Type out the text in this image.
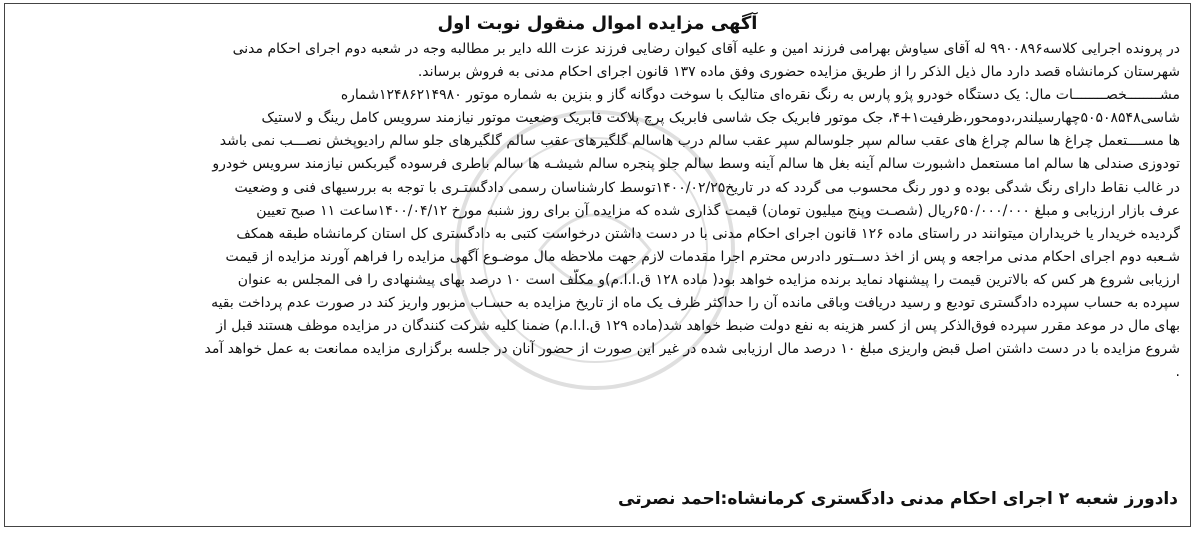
آگهی مزایده اموال منقول نوبت اول
در پرونده اجرایی کلاسه۹۹۰۰۸۹۶ له آقای سیاوش بهرامی فرزند امین و علیه آقای کیوان رضایی فرزند عزت الله دایر بر مطالبه وجه در شعبه دوم اجرای احکام مدنی
شهرستان کرمانشاه قصد دارد مال ذیل الذکر را از طریق مزایده حضوری وفق ماده ۱۳۷ قانون اجرای احکام مدنی به فروش برساند.
مشــــــــخصــــــــات مال: یک دستگاه خودرو پژو پارس به رنگ نقره‌ای متالیک با سوخت دوگانه گاز و بنزین به شماره موتور ۱۲۴۸۶۲۱۴۹۸۰شماره
شاسی۵۰۵۰۸۵۴۸چهارسیلندر،دومحور،ظرفیت۱+۴، جک موتور فابریک جک شاسی فابریک پرچ پلاکت فابریک وضعیت موتور نیازمند سرویس کامل رینگ و لاستیک
ها مســــتعمل چراغ ها سالم چراغ های عقب سالم سپر جلوسالم سپر عقب سالم درب هاسالم گلگیرهای عقب سالم گلگیرهای جلو سالم رادیوپخش نصـــب نمی باشد
تودوزی صندلی ها سالم اما مستعمل داشبورت سالم آینه بغل ها سالم آینه وسط سالم جلو پنجره سالم شیشـه ها سالم باطری فرسوده گیربکس نیازمند سرویس خودرو
در غالب نقاط دارای رنگ شدگی بوده و دور رنگ محسوب می گردد که در تاریخ۱۴۰۰/۰۲/۲۵توسط کارشناسان رسمی دادگستـری با توجه به بررسیهای فنی و وضعیت
عرف بازار ارزیابی و مبلغ ۶۵۰/۰۰۰/۰۰۰ریال (شصـت وپنج میلیون تومان) قیمت گذاری شده که مزایده آن برای روز شنبه مورخ ۱۴۰۰/۰۴/۱۲ساعت ۱۱ صبح تعیین
گردیده خریدار یا خریداران میتوانند در راستای ماده ۱۲۶ قانون اجرای احکام مدنی با در دست داشتن درخواست کتبی به دادگستری کل استان کرمانشاه طبقه همکف
شـعبه دوم اجرای احکام مدنی مراجعه و پس از اخذ دســتور دادرس محترم اجرا مقدمات لازم جهت ملاحظه مال موضـوع آگهی مزایده را فراهم آورند مزایده از قیمت
ارزیابی شروع هر کس که بالاترین قیمت را پیشنهاد نماید برنده مزایده خواهد بود( ماده ۱۲۸ ق.ا.ا.م)و مکلّف است ۱۰ درصد بهای پیشنهادی را فی المجلس به عنوان
سپرده به حساب سپرده دادگستری تودیع و رسید دریافت وباقی مانده آن را حداکثر ظرف یک ماه از تاریخ مزایده به حسـاب مزبور واریز کند در صورت عدم پرداخت بقیه
بهای مال در موعد مقرر سپرده فوق‌الذکر پس از کسر هزینه به نفع دولت ضبط خواهد شد(ماده ۱۲۹ ق.ا.ا.م) ضمنا کلیه شرکت کنندگان در مزایده موظف هستند قبل از
شروع مزایده با در دست داشتن اصل قبض واریزی مبلغ ۱۰ درصد مال ارزیابی شده در غیر این صورت از حضور آنان در جلسه برگزاری مزایده ممانعت به عمل خواهد آمد
.
دادورز شعبه ۲ اجرای احکام مدنی دادگستری کرمانشاه:احمد نصرتی
